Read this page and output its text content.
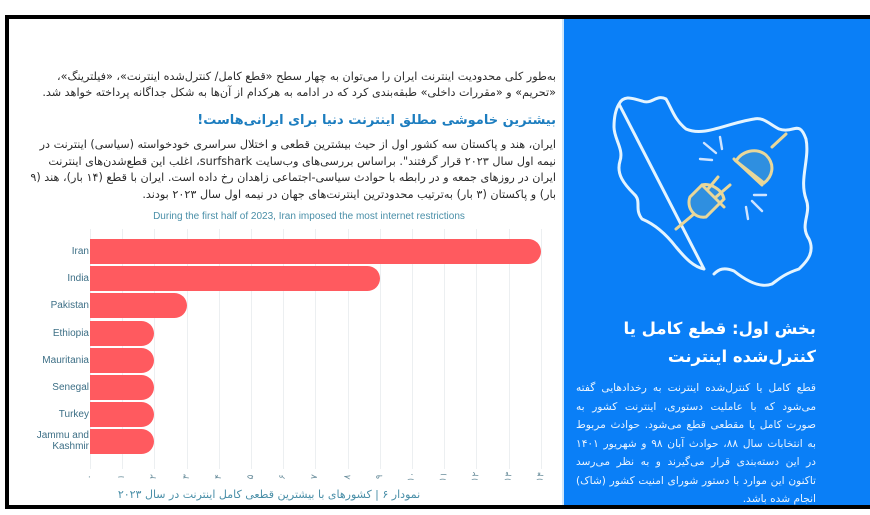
به‌طور کلی محدودیت اینترنت ایران را می‌توان به چهار سطح «قطع کامل/ کنترل‌شده اینترنت»، «فیلترینگ»، «تحریم» و «مقررات داخلی» طبقه‌بندی کرد که در ادامه به هرکدام از آن‌ها به شکل جداگانه پرداخته خواهد شد.

بیشترین خاموشی مطلق اینترنت دنیا برای ایرانی‌هاست!

ایران، هند و پاکستان سه کشور اول از حیث بیشترین قطعی و اختلال سراسری خودخواسته (سیاسی) اینترنت در نیمه اول سال ۲۰۲۳ قرار گرفتند". براساس بررسی‌های وب‌سایت surfshark، اغلب این قطع‌شدن‌های اینترنت ایران در روزهای جمعه و در رابطه با حوادث سیاسی-اجتماعی زاهدان رخ داده است. ایران با قطع (۱۴ بار)، هند (۹ بار) و پاکستان (۳ بار) به‌ترتیب محدودترین اینترنت‌های جهان در نیمه اول سال ۲۰۲۳ بودند.

During the first half of 2023, Iran imposed the most internet restrictions
۰ ۱ ۲ ۳ ۴ ۵ ۶ ۷ ۸ ۹ ۱۰ ۱۱ ۱۲ ۱۳ ۱۴
Iran
India
Pakistan
Ethiopia
Mauritania
Senegal
Turkey
Jammu and Kashmir
نمودار ۶ | کشورهای با بیشترین قطعی کامل اینترنت در سال ۲۰۲۳
بخش اول: قطع کامل یا کنترل‌شده اینترنت

قطع کامل یا کنترل‌شده اینترنت به رخدادهایی گفته می‌شود که با عاملیت دستوری، اینترنت کشور به صورت کامل یا مقطعی قطع می‌شود. حوادث مربوط به انتخابات سال ۸۸، حوادث آبان ۹۸ و شهریور ۱۴۰۱ در این دسته‌بندی قرار می‌گیرند و به نظر می‌رسد تاکنون این موارد با دستور شورای امنیت کشور (شاک) انجام شده باشد.
